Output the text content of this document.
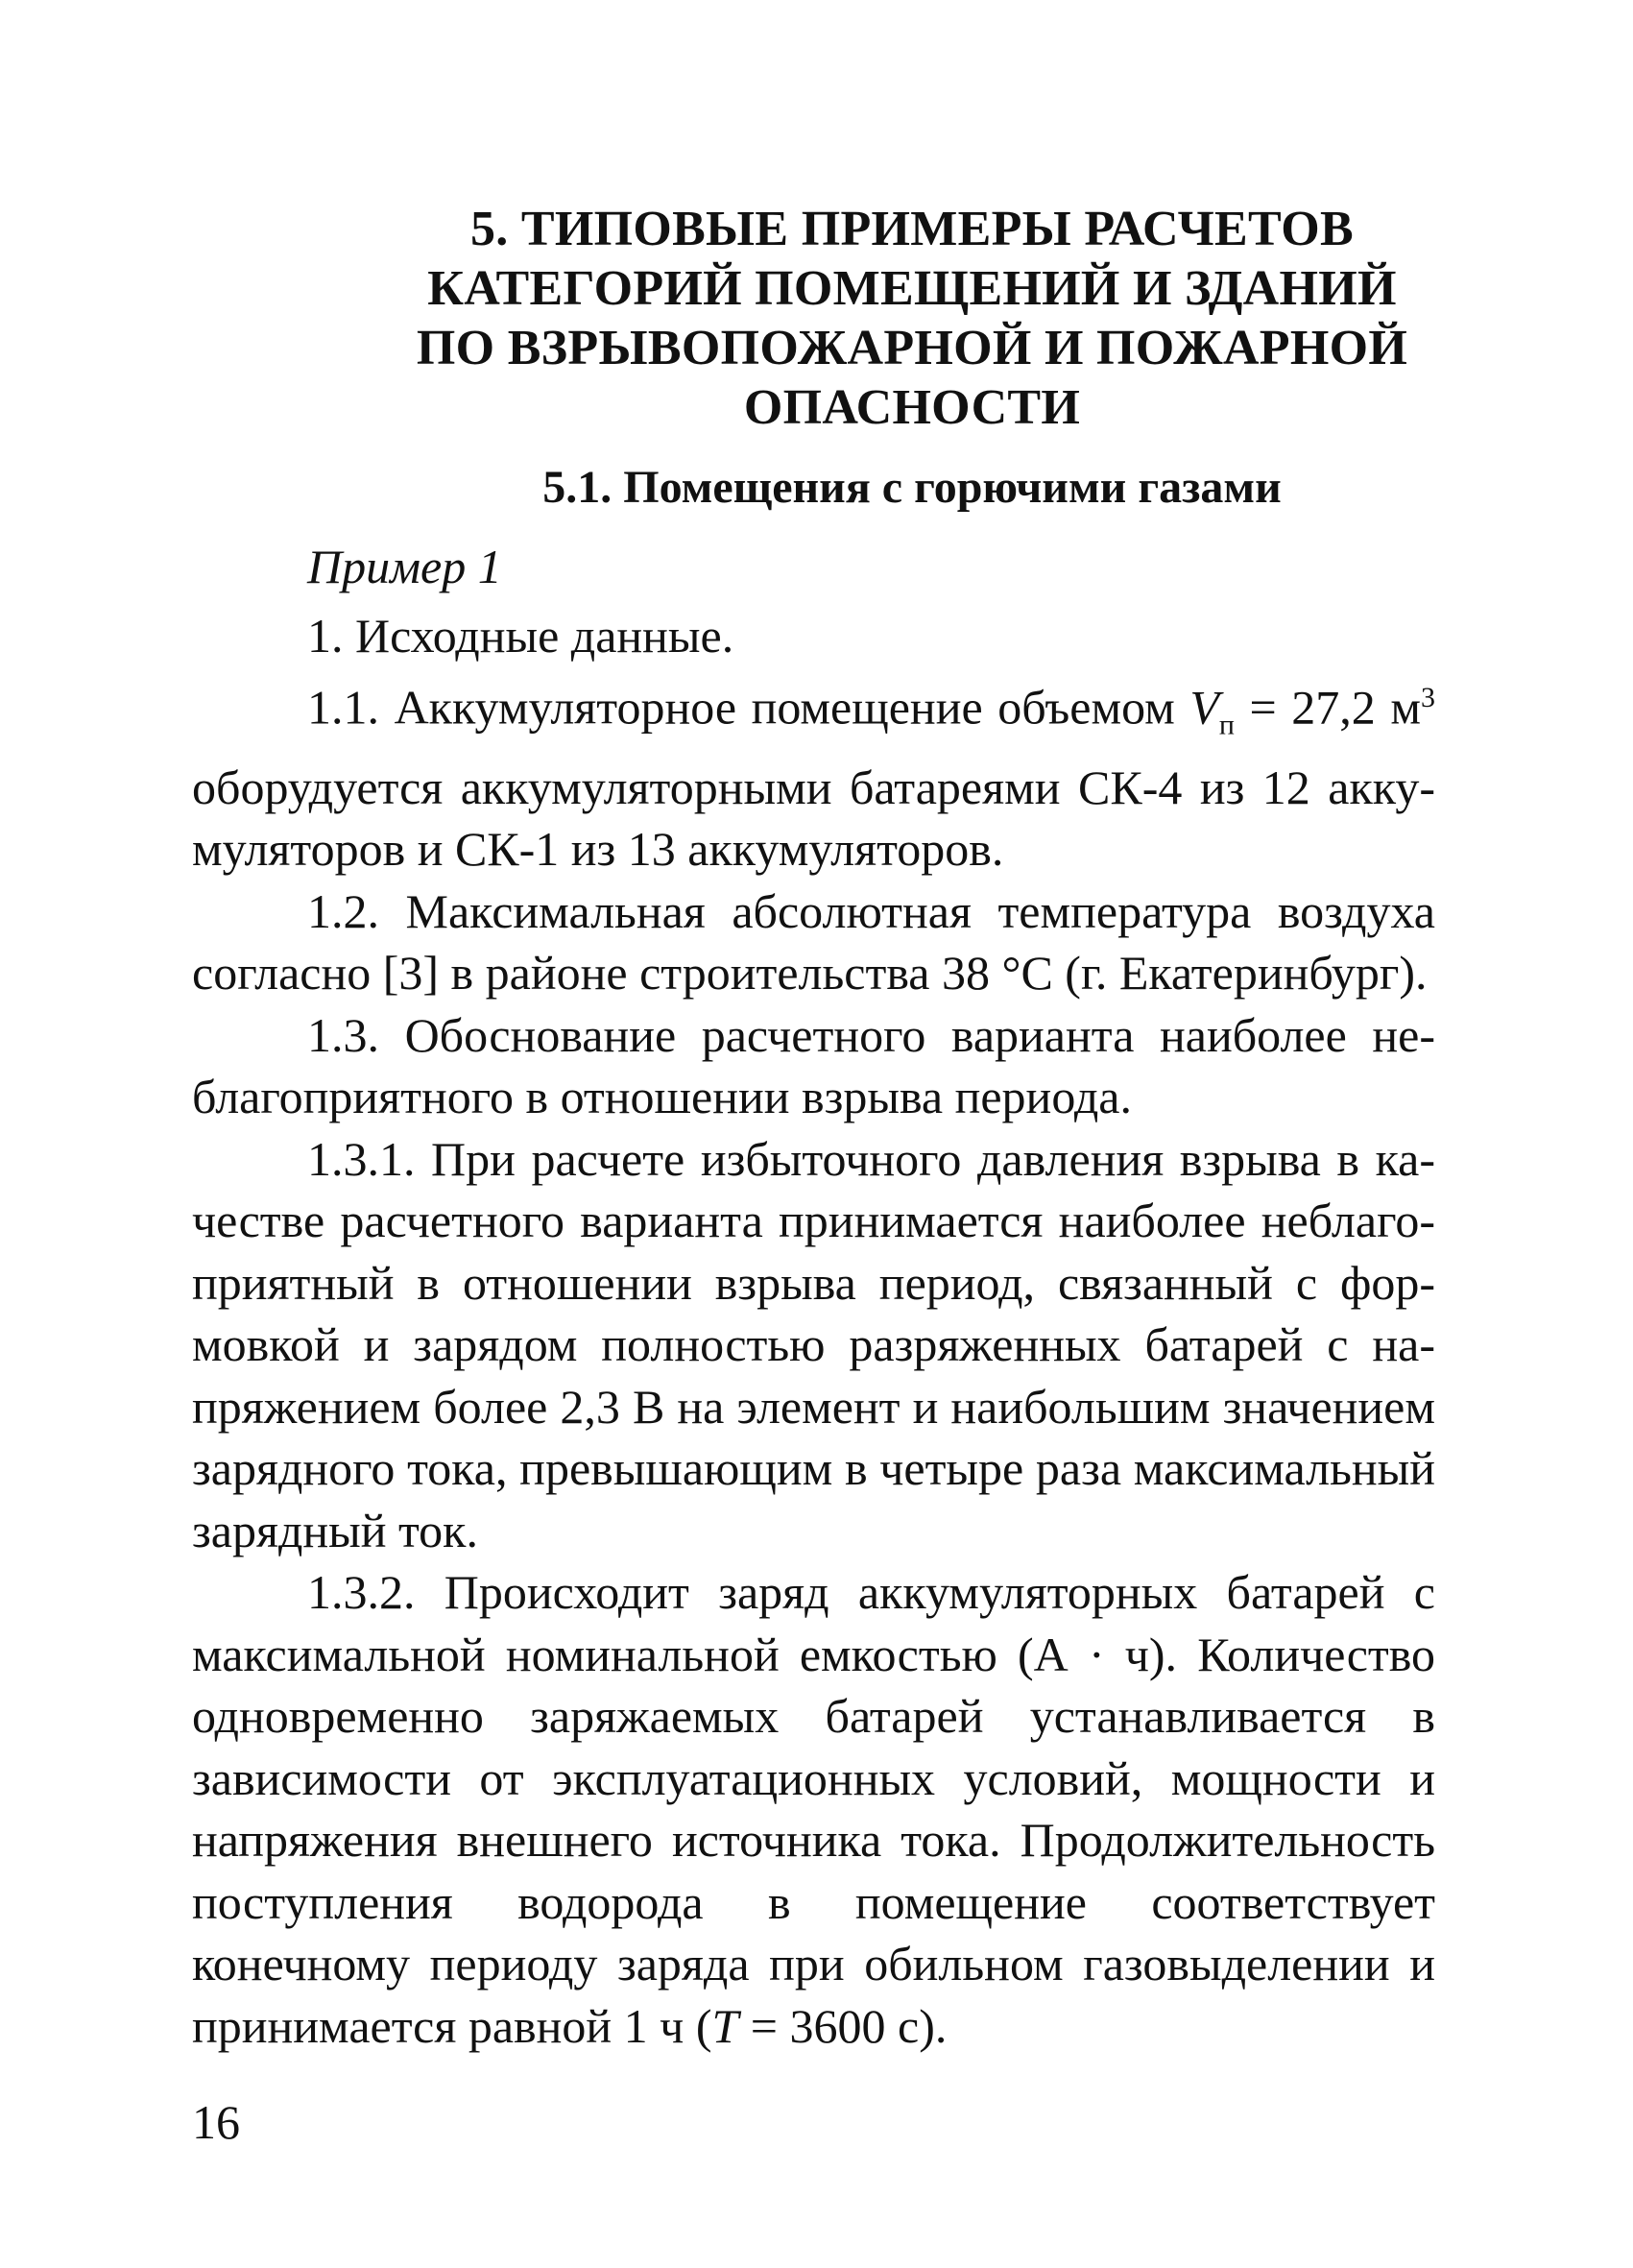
5. ТИПОВЫЕ ПРИМЕРЫ РАСЧЕТОВ
КАТЕГОРИЙ ПОМЕЩЕНИЙ И ЗДАНИЙ
ПО ВЗРЫВОПОЖАРНОЙ И ПОЖАРНОЙ
ОПАСНОСТИ
5.1. Помещения с горючими газами
Пример 1

1. Исходные данные.

1.1. Аккумуляторное помещение объемом $V_п = 27,2$ $м^3$ оборудуется аккумуляторными батареями СК-4 из 12 аккумуляторов и СК-1 из 13 аккумуляторов.

1.2. Максимальная абсолютная температура воздуха согласно [3] в районе строительства 38 °С (г. Екатеринбург).

1.3. Обоснование расчетного варианта наиболее неблагоприятного в отношении взрыва периода.

1.3.1. При расчете избыточного давления взрыва в качестве расчетного варианта принимается наиболее неблагоприятный в отношении взрыва период, связанный с формовкой и зарядом полностью разряженных батарей с напряжением более 2,3 В на элемент и наибольшим значением зарядного тока, превышающим в четыре раза максимальный зарядный ток.

1.3.2. Происходит заряд аккумуляторных батарей с максимальной номинальной емкостью (А · ч). Количество одновременно заряжаемых батарей устанавливается в зависимости от эксплуатационных условий, мощности и напряжения внешнего источника тока. Продолжительность поступления водорода в помещение соответствует конечному периоду заряда при обильном газовыделении и принимается равной 1 ч (T = 3600 с).

16
